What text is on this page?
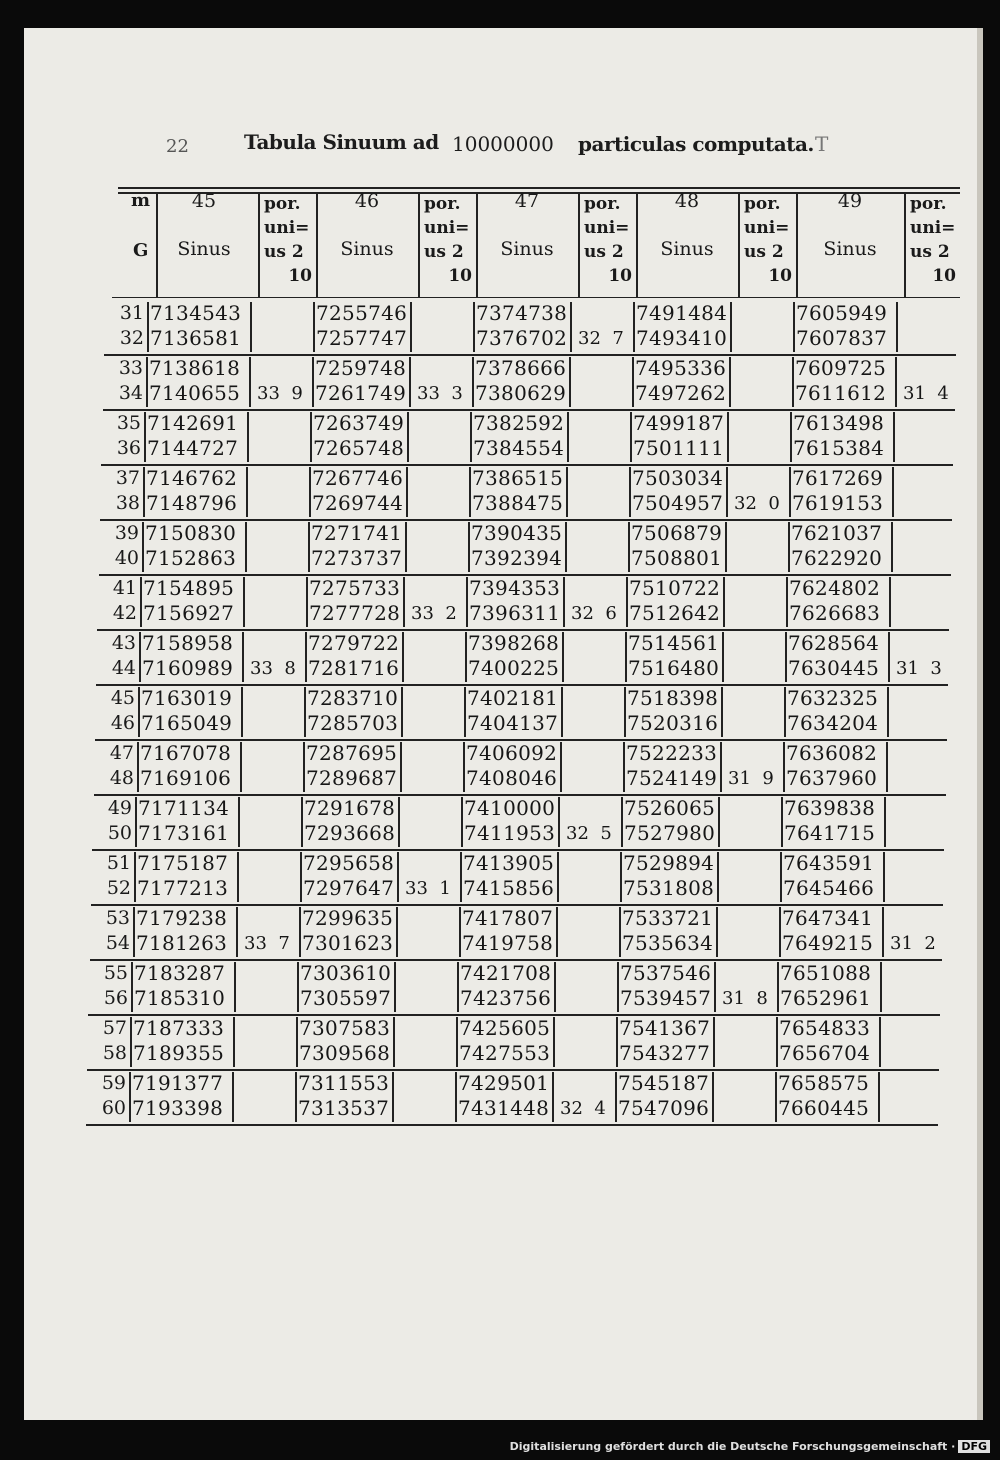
22	Tabula Sinuum ad 10000000 particulas computata. T
m
G
45
Sinus
por.
uni=
us 2
10
46
Sinus
por.
uni=
us 2
10
47
Sinus
por.
uni=
us 2
10
48
Sinus
por.
uni=
us 2
10
49
Sinus
por.
uni=
us 2
10
31
32
7134543
7136581
7255746
7257747
7374738
7376702 32  7
7491484
7493410
7605949
7607837
33
34
7138618
7140655 33  9
7259748
7261749 33  3
7378666
7380629
7495336
7497262
7609725
7611612 31  4
35
36
7142691
7144727
7263749
7265748
7382592
7384554
7499187
7501111
7613498
7615384
37
38
7146762
7148796
7267746
7269744
7386515
7388475
7503034
7504957 32  0
7617269
7619153
39
40
7150830
7152863
7271741
7273737
7390435
7392394
7506879
7508801
7621037
7622920
41
42
7154895
7156927
7275733
7277728 33  2
7394353
7396311 32  6
7510722
7512642
7624802
7626683
43
44
7158958
7160989 33  8
7279722
7281716
7398268
7400225
7514561
7516480
7628564
7630445 31  3
45
46
7163019
7165049
7283710
7285703
7402181
7404137
7518398
7520316
7632325
7634204
47
48
7167078
7169106
7287695
7289687
7406092
7408046
7522233
7524149 31  9
7636082
7637960
49
50
7171134
7173161
7291678
7293668
7410000
7411953 32  5
7526065
7527980
7639838
7641715
51
52
7175187
7177213
7295658
7297647 33  1
7413905
7415856
7529894
7531808
7643591
7645466
53
54
7179238
7181263 33  7
7299635
7301623
7417807
7419758
7533721
7535634
7647341
7649215 31  2
55
56
7183287
7185310
7303610
7305597
7421708
7423756
7537546
7539457 31  8
7651088
7652961
57
58
7187333
7189355
7307583
7309568
7425605
7427553
7541367
7543277
7654833
7656704
59
60
7191377
7193398
7311553
7313537
7429501
7431448 32  4
7545187
7547096
7658575
7660445
Digitalisierung gefördert durch die Deutsche Forschungsgemeinschaft · DFG
